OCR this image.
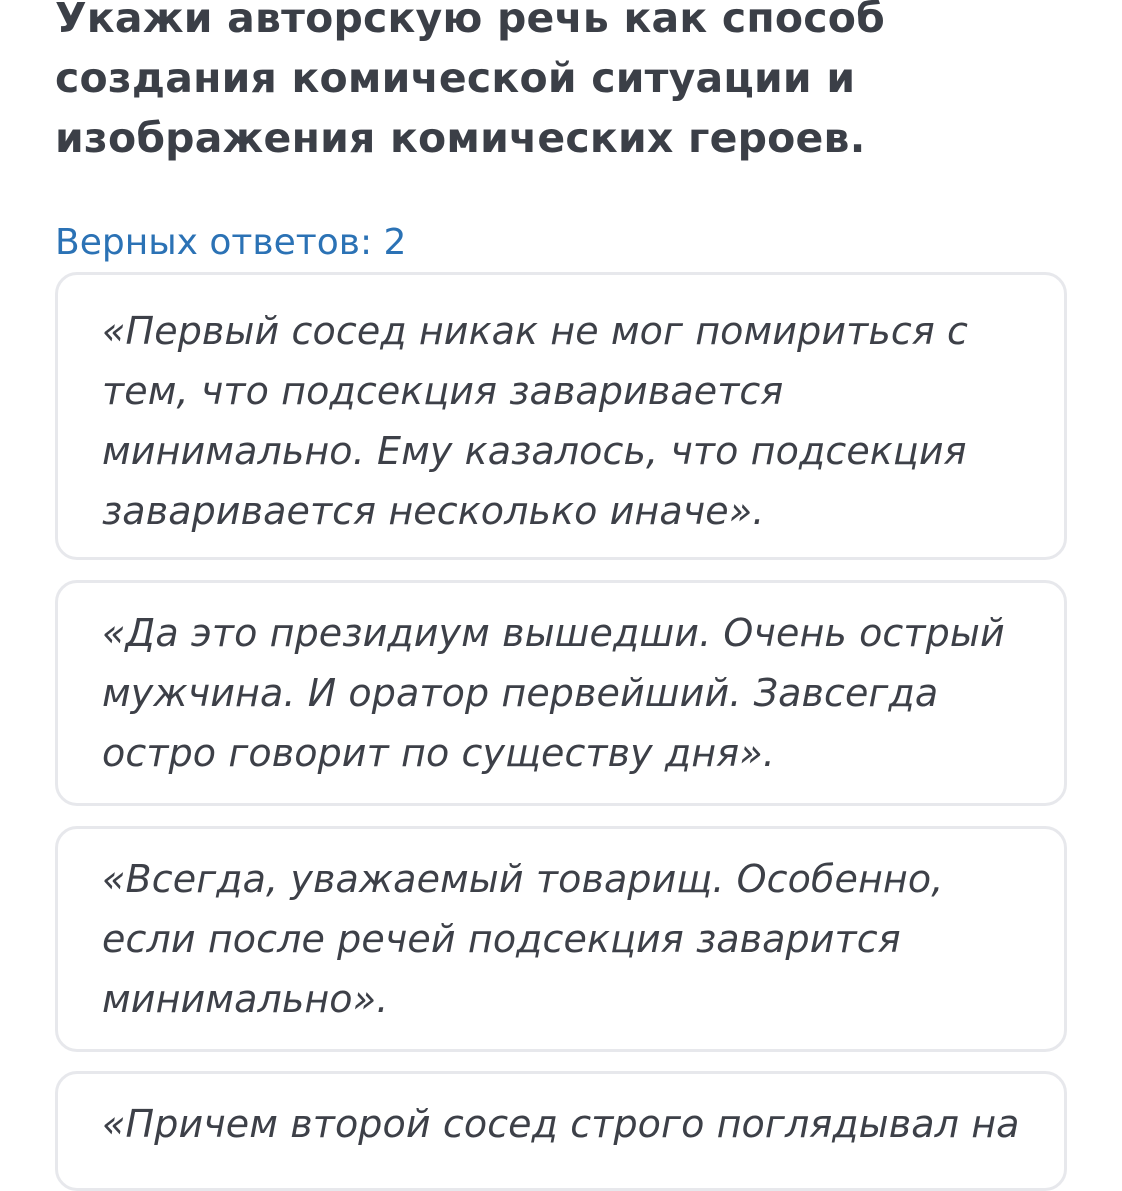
Укажи авторскую речь как способ создания комической ситуации и изображения комических героев.
Верных ответов: 2
«Первый сосед никак не мог помириться с тем, что подсекция заваривается минимально. Ему казалось, что подсекция заваривается несколько иначе».
«Да это президиум вышедши. Очень острый мужчина. И оратор первейший. Завсегда остро говорит по существу дня».
«Всегда, уважаемый товарищ. Особенно, если после речей подсекция заварится минимально».
«Причем второй сосед строго поглядывал на
